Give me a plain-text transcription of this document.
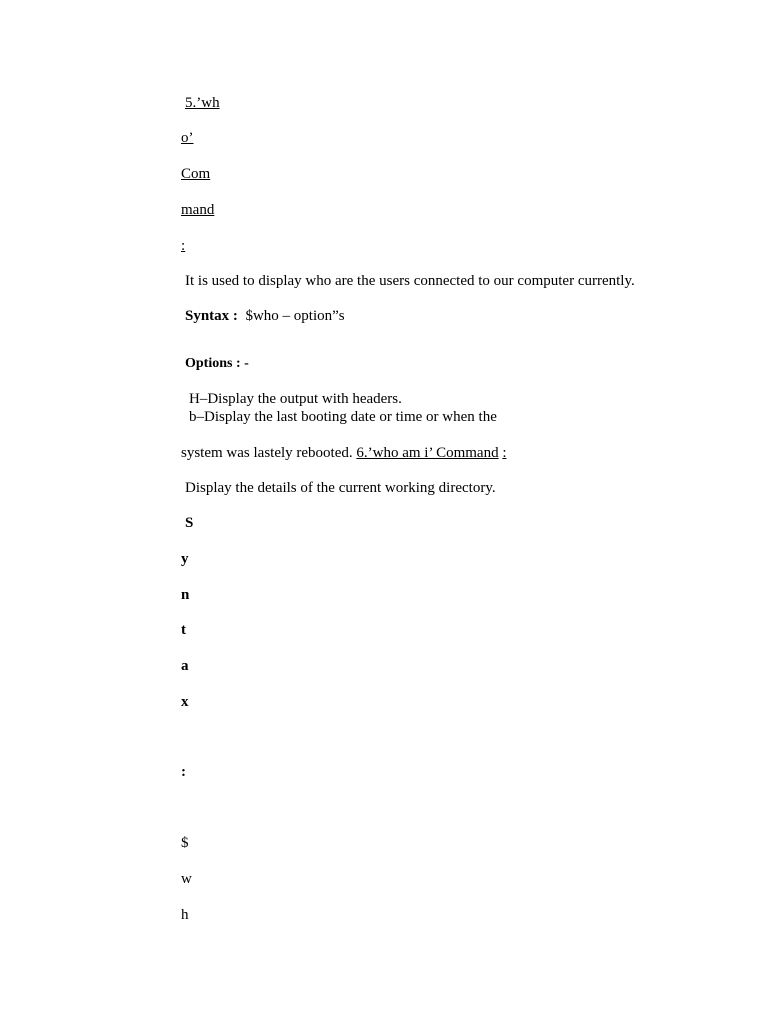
5.’wh
o’
Com
mand
:
It is used to display who are the users connected to our computer currently.
Syntax : $who – option”s
Options : -
H–Display the output with headers.
b–Display the last booting date or time or when the
system was lastely rebooted. 6.’who am i’ Command :
Display the details of the current working directory.
S
y
n
t
a
x
:
$
w
h
